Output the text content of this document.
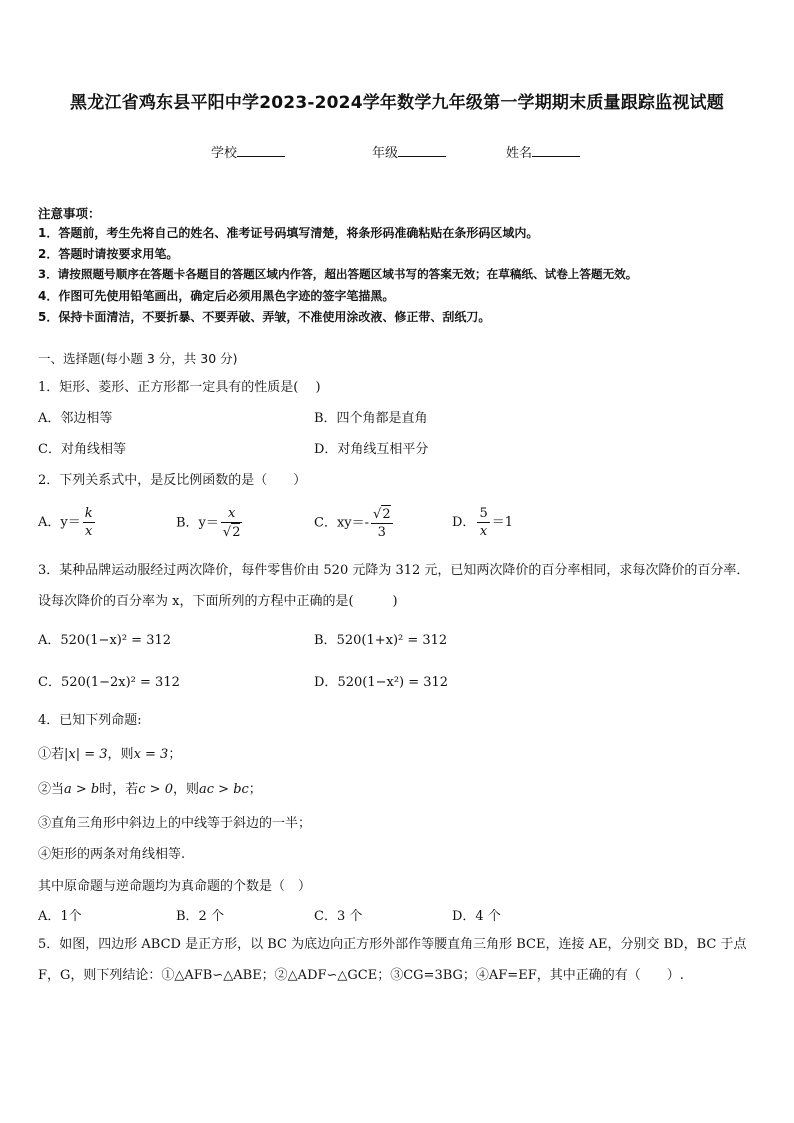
黑龙江省鸡东县平阳中学2023-2024学年数学九年级第一学期期末质量跟踪监视试题
学校	年级	姓名
注意事项：
1．答题前，考生先将自己的姓名、准考证号码填写清楚，将条形码准确粘贴在条形码区域内。
2．答题时请按要求用笔。
3．请按照题号顺序在答题卡各题目的答题区域内作答，超出答题区域书写的答案无效；在草稿纸、试卷上答题无效。
4．作图可先使用铅笔画出，确定后必须用黑色字迹的签字笔描黑。
5．保持卡面清洁，不要折暴、不要弄破、弄皱，不准使用涂改液、修正带、刮纸刀。
一、选择题(每小题 3 分，共 30 分)
1．矩形、菱形、正方形都一定具有的性质是(　 )
A．邻边相等	B．四个角都是直角
C．对角线相等	D．对角线互相平分
2．下列关系式中，是反比例函数的是（　　）
A．$y= \frac{k}{x}$	B．$y= \frac{x}{√2}$	C．$xy=- \frac{√2}{3}$	D． $\frac{5}{x} =1$
3．某种品牌运动服经过两次降价，每件零售价由 520 元降为 312 元，已知两次降价的百分率相同，求每次降价的百分率．设每次降价的百分率为 x，下面所列的方程中正确的是(　　　)
A．520(1−x)² = 312	B．520(1+x)² = 312
C．520(1−2x)² = 312	D．520(1−x²) = 312
4．已知下列命题:
①若|x| = 3，则x = 3；
②当a > b时，若c > 0，则ac > bc；
③直角三角形中斜边上的中线等于斜边的一半；
④矩形的两条对角线相等.
其中原命题与逆命题均为真命题的个数是（　）
A．1个	B．2 个	C．3 个	D．4 个
5．如图，四边形 ABCD 是正方形，以 BC 为底边向正方形外部作等腰直角三角形 BCE，连接 AE，分别交 BD，BC 于点 F，G，则下列结论：①△AFB∽△ABE；②△ADF∽△GCE；③CG=3BG；④AF=EF，其中正确的有（　　）.
